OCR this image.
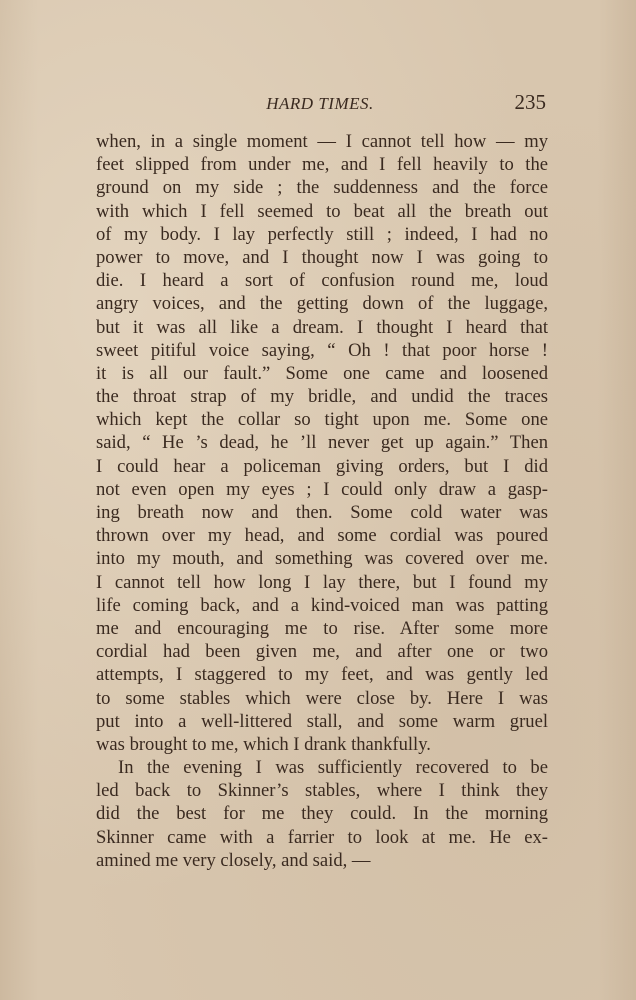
HARD TIMES.	235
when, in a single moment — I cannot tell how — my
feet slipped from under me, and I fell heavily to the
ground on my side ; the suddenness and the force
with which I fell seemed to beat all the breath out
of my body. I lay perfectly still ; indeed, I had no
power to move, and I thought now I was going to
die. I heard a sort of confusion round me, loud
angry voices, and the getting down of the luggage,
but it was all like a dream. I thought I heard that
sweet pitiful voice saying, “ Oh ! that poor horse !
it is all our fault.” Some one came and loosened
the throat strap of my bridle, and undid the traces
which kept the collar so tight upon me. Some one
said, “ He ’s dead, he ’ll never get up again.” Then
I could hear a policeman giving orders, but I did
not even open my eyes ; I could only draw a gasp-
ing breath now and then. Some cold water was
thrown over my head, and some cordial was poured
into my mouth, and something was covered over me.
I cannot tell how long I lay there, but I found my
life coming back, and a kind-voiced man was patting
me and encouraging me to rise. After some more
cordial had been given me, and after one or two
attempts, I staggered to my feet, and was gently led
to some stables which were close by. Here I was
put into a well-littered stall, and some warm gruel
was brought to me, which I drank thankfully.
In the evening I was sufficiently recovered to be
led back to Skinner’s stables, where I think they
did the best for me they could. In the morning
Skinner came with a farrier to look at me. He ex-
amined me very closely, and said, —
